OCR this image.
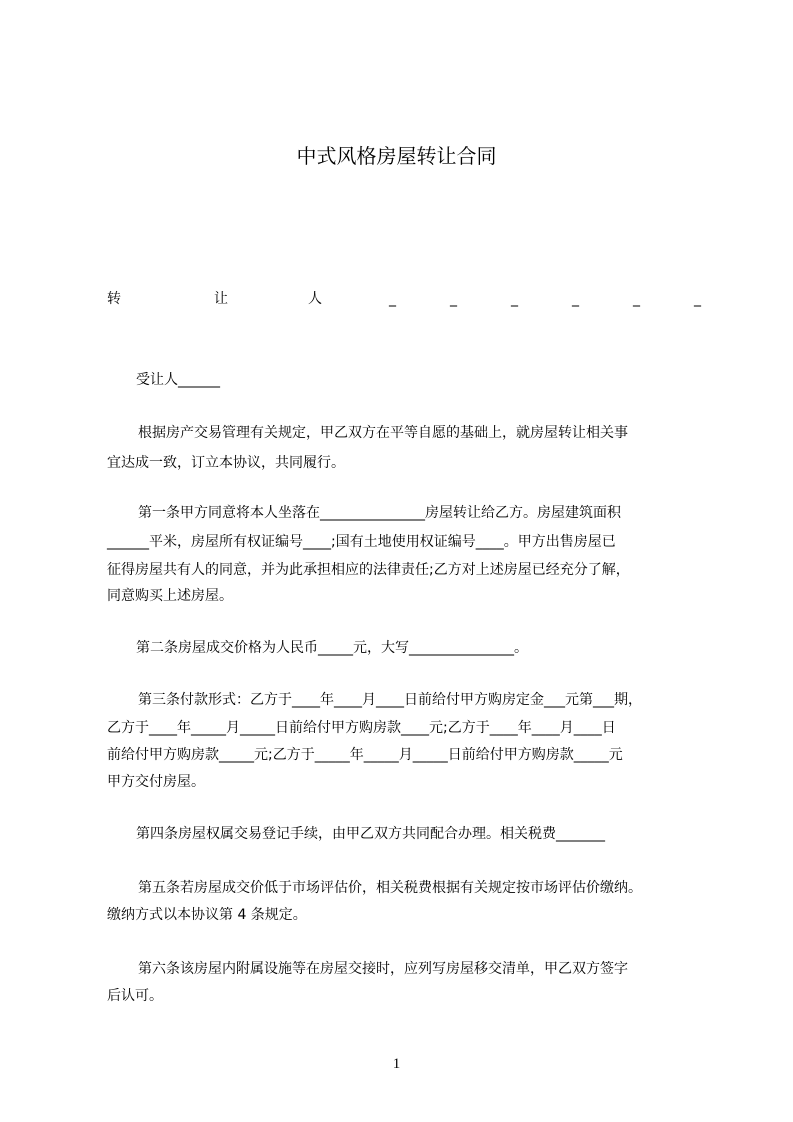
中式风格房屋转让合同
转	让	人	_	_	_	_	_	_

受让人______

根据房产交易管理有关规定，甲乙双方在平等自愿的基础上，就房屋转让相关事

宜达成一致，订立本协议，共同履行。

第一条甲方同意将本人坐落在_______________房屋转让给乙方。房屋建筑面积

______平米，房屋所有权证编号____;国有土地使用权证编号____。甲方出售房屋已

征得房屋共有人的同意，并为此承担相应的法律责任;乙方对上述房屋已经充分了解，

同意购买上述房屋。

第二条房屋成交价格为人民币_____元，大写_______________。

第三条付款形式：乙方于____年____月____日前给付甲方购房定金___元第___期，

乙方于____年_____月_____日前给付甲方购房款____元;乙方于____年____月____日

前给付甲方购房款_____元;乙方于_____年_____月_____日前给付甲方购房款_____元

甲方交付房屋。

第四条房屋权属交易登记手续，由甲乙双方共同配合办理。相关税费_______

第五条若房屋成交价低于市场评估价，相关税费根据有关规定按市场评估价缴纳。

缴纳方式以本协议第 4 条规定。

第六条该房屋内附属设施等在房屋交接时，应列写房屋移交清单，甲乙双方签字

后认可。

1
